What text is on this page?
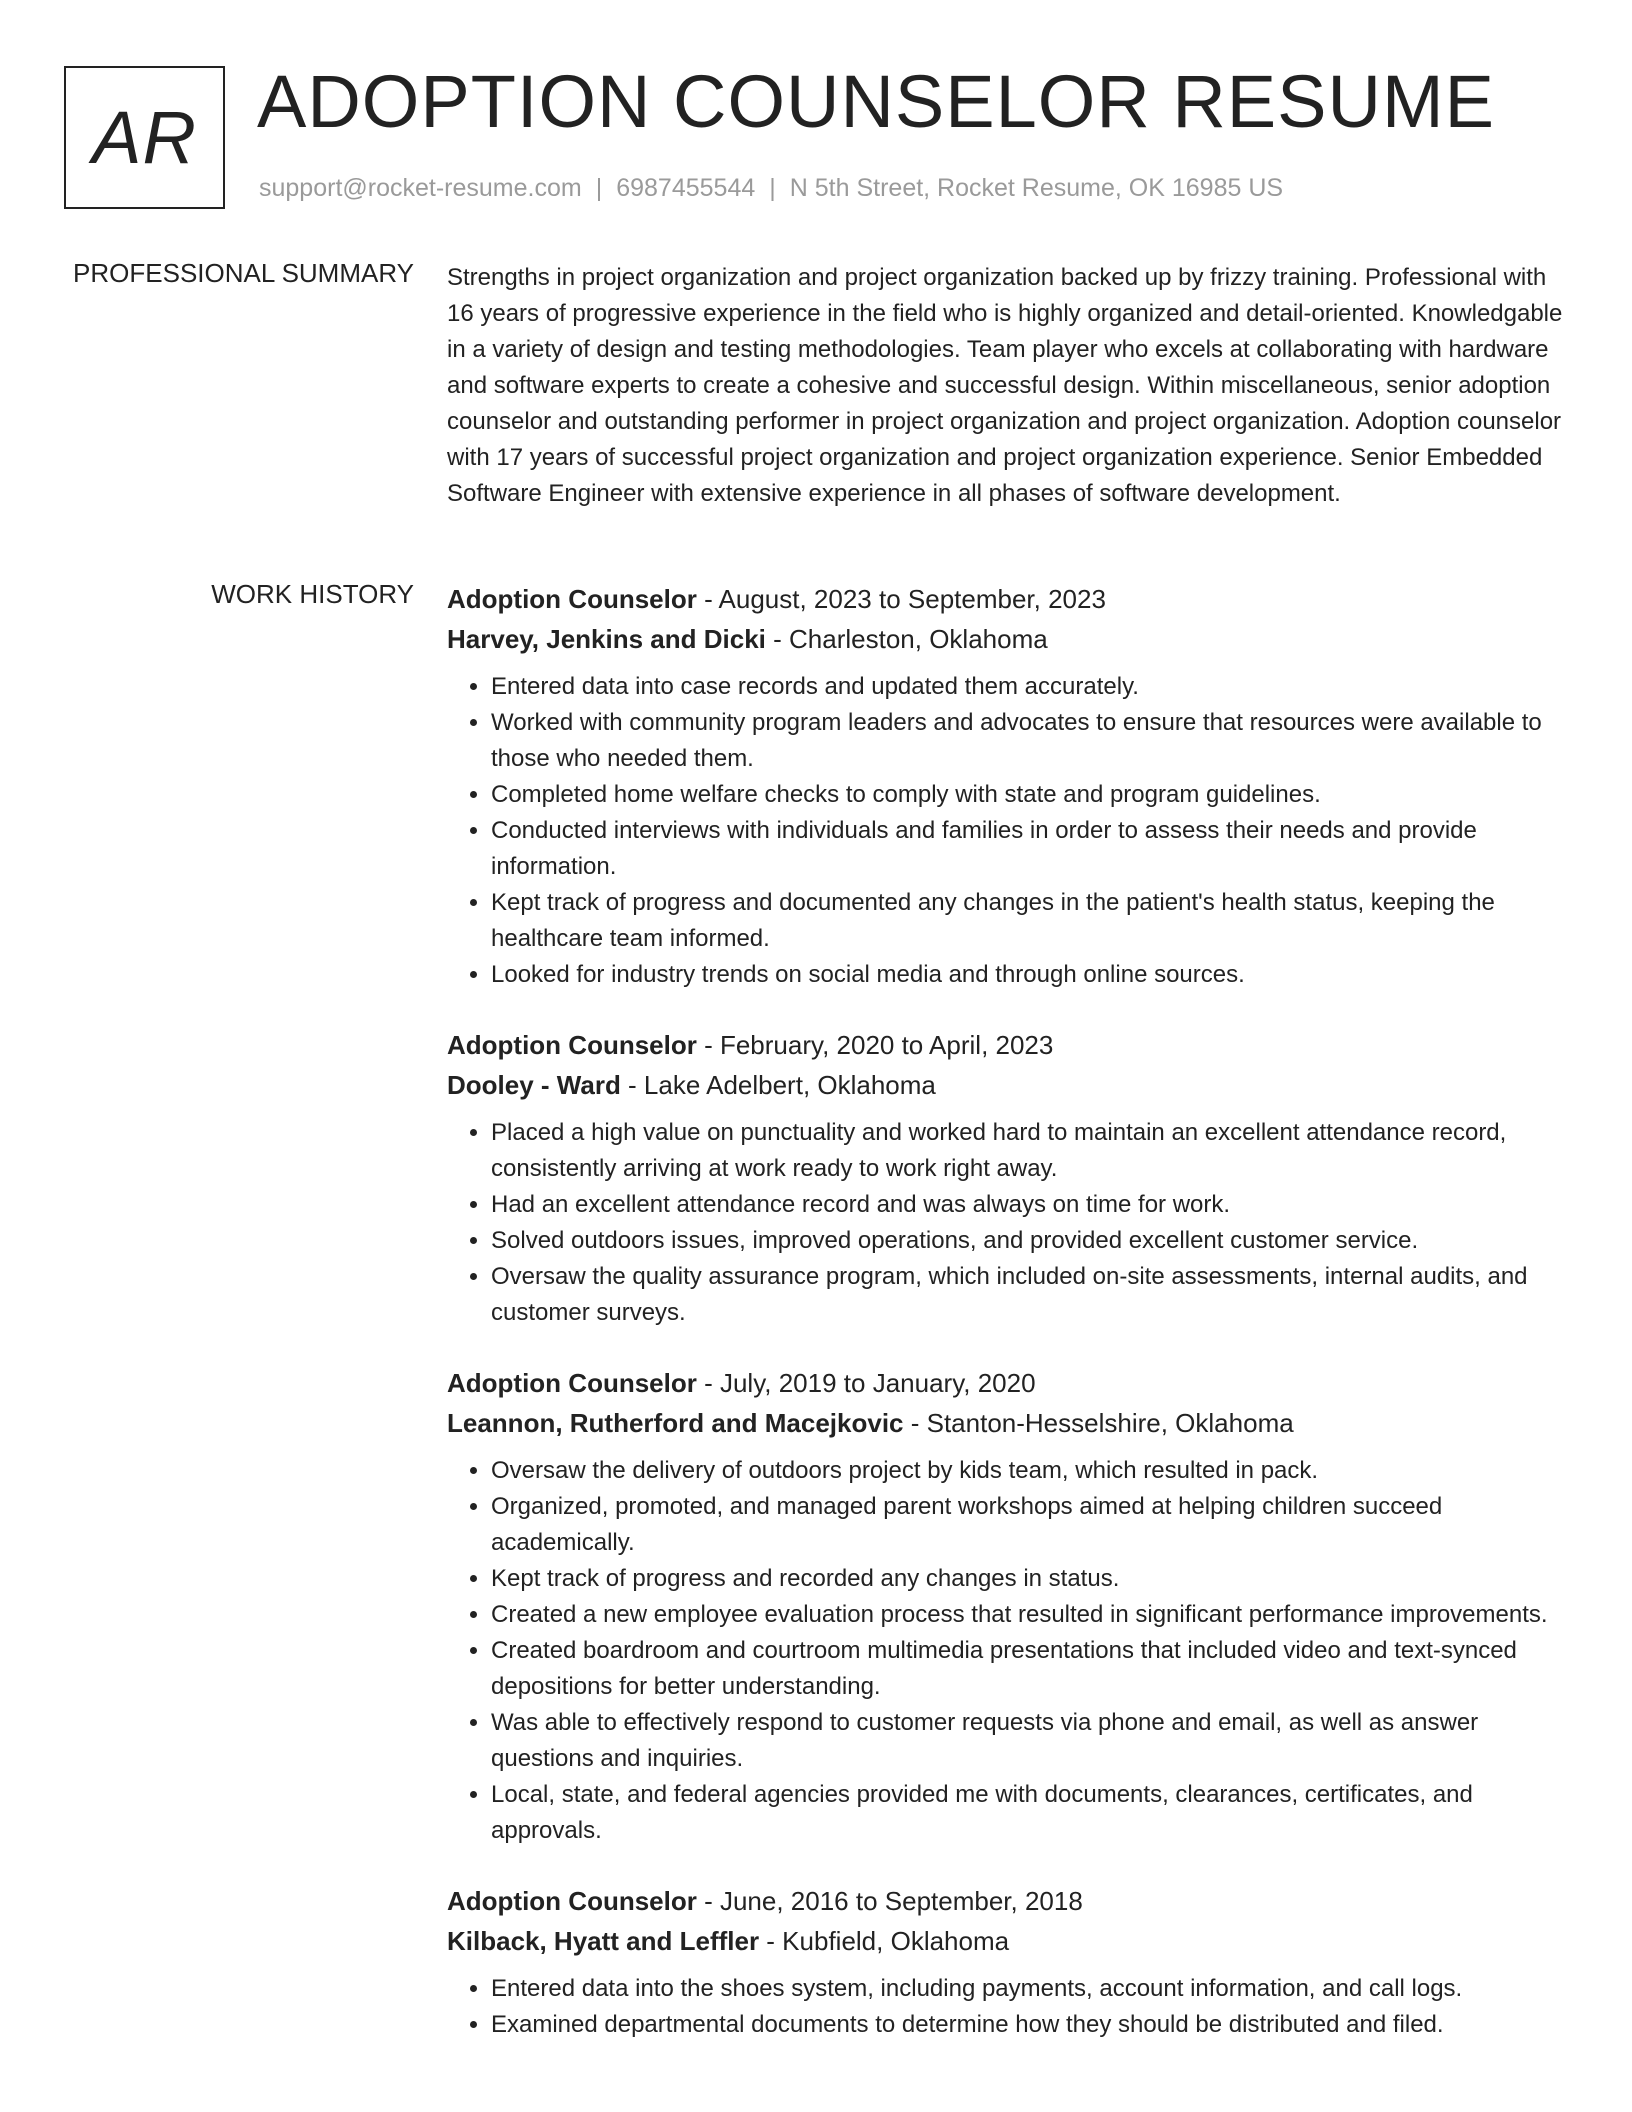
AR ADOPTION COUNSELOR RESUME
support@rocket-resume.com | 6987455544 | N 5th Street, Rocket Resume, OK 16985 US
PROFESSIONAL SUMMARY Strengths in project organization and project organization backed up by frizzy training. Professional with 16 years of progressive experience in the field who is highly organized and detail-oriented. Knowledgable in a variety of design and testing methodologies. Team player who excels at collaborating with hardware and software experts to create a cohesive and successful design. Within miscellaneous, senior adoption counselor and outstanding performer in project organization and project organization. Adoption counselor with 17 years of successful project organization and project organization experience. Senior Embedded Software Engineer with extensive experience in all phases of software development.
WORK HISTORY Adoption Counselor - August, 2023 to September, 2023
Harvey, Jenkins and Dicki - Charleston, Oklahoma
• Entered data into case records and updated them accurately.
• Worked with community program leaders and advocates to ensure that resources were available to those who needed them.
• Completed home welfare checks to comply with state and program guidelines.
• Conducted interviews with individuals and families in order to assess their needs and provide information.
• Kept track of progress and documented any changes in the patient's health status, keeping the healthcare team informed.
• Looked for industry trends on social media and through online sources.
Adoption Counselor - February, 2020 to April, 2023
Dooley - Ward - Lake Adelbert, Oklahoma
• Placed a high value on punctuality and worked hard to maintain an excellent attendance record, consistently arriving at work ready to work right away.
• Had an excellent attendance record and was always on time for work.
• Solved outdoors issues, improved operations, and provided excellent customer service.
• Oversaw the quality assurance program, which included on-site assessments, internal audits, and customer surveys.
Adoption Counselor - July, 2019 to January, 2020
Leannon, Rutherford and Macejkovic - Stanton-Hesselshire, Oklahoma
• Oversaw the delivery of outdoors project by kids team, which resulted in pack.
• Organized, promoted, and managed parent workshops aimed at helping children succeed academically.
• Kept track of progress and recorded any changes in status.
• Created a new employee evaluation process that resulted in significant performance improvements.
• Created boardroom and courtroom multimedia presentations that included video and text-synced depositions for better understanding.
• Was able to effectively respond to customer requests via phone and email, as well as answer questions and inquiries.
• Local, state, and federal agencies provided me with documents, clearances, certificates, and approvals.
Adoption Counselor - June, 2016 to September, 2018
Kilback, Hyatt and Leffler - Kubfield, Oklahoma
• Entered data into the shoes system, including payments, account information, and call logs.
• Examined departmental documents to determine how they should be distributed and filed.
